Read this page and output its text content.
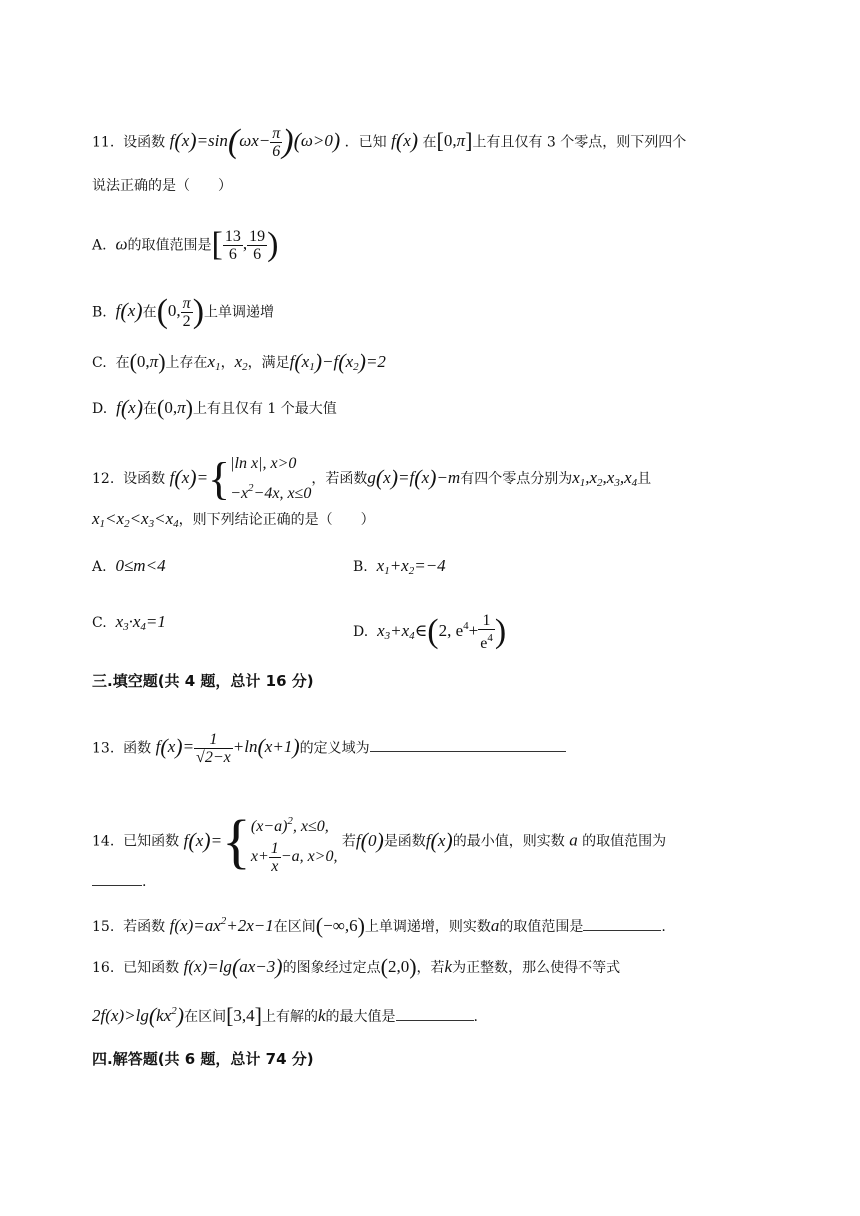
11. 设函数 $f(x)=\sin(\omega x- \frac{\pi}{6} )(\omega>0)$ ．已知 f(x) 在[0,π]上有且仅有 3 个零点，则下列四个
说法正确的是（　　）
A. ω的取值范围是[ $\frac{13}{6}$ , $\frac{19}{6}$ )
B. f(x)在(0, $\frac{\pi}{2}$ )上单调递增
C. 在(0,π)上存在$x_1$，$x_2$，满足$f(x_1)-f(x_2)=2$
D. f(x)在(0,π)上有且仅有 1 个最大值
12. 设函数 f(x)={ |ln x|, x>0
$-x^2-4x$, x≤0
，若函数g(x)=f(x)−m有四个零点分别为$x_1,x_2,x_3,x_4$且
$x_1<x_2<x_3<x_4$，则下列结论正确的是（　　）
A. 0≤m<4	B. $x_1+x_2=-4$
C. $x_3\cdot x_4=1$
D. $x_3+x_4\in(2$, $e^4+ \frac{1}{e^4}$ )
三.填空题(共 4 题，总计 16 分)
13. 函数 $f(x)= \frac{1}{√2-x} +\ln(x+1)$的定义域为
14. 已知函数 f(x)={ $(x-a)^2$, x≤0,
$x+ \frac{1}{x} -a$, x>0,
若f(0)是函数f(x)的最小值，则实数 a 的取值范围为
.
15. 若函数 $f(x)=ax^2+2x-1$在区间(−∞,6)上单调递增，则实数a的取值范围是	.
16. 已知函数 f(x)=lg(ax−3)的图象经过定点(2,0)，若k为正整数，那么使得不等式
$2f(x)>\lg(kx^2)$在区间[3,4]上有解的k的最大值是	.
四.解答题(共 6 题，总计 74 分)
